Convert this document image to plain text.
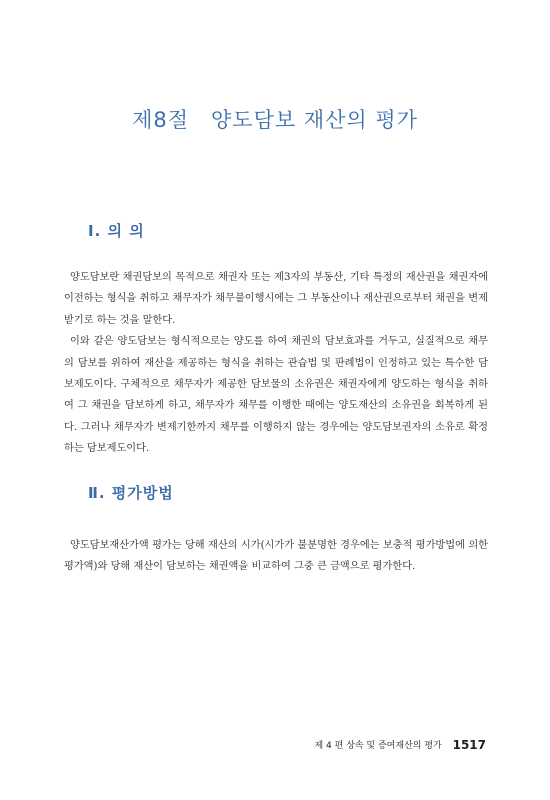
제8절 양도담보 재산의 평가
Ⅰ. 의 의
양도담보란 채권담보의 목적으로 채권자 또는 제3자의 부동산, 기타 특정의 재산권을 채권자에 이전하는 형식을 취하고 채무자가 채무불이행시에는 그 부동산이나 재산권으로부터 채권을 변제받기로 하는 것을 말한다.
이와 같은 양도담보는 형식적으로는 양도를 하여 채권의 담보효과를 거두고, 실질적으로 채무의 담보를 위하여 재산을 제공하는 형식을 취하는 관습법 및 판례법이 인정하고 있는 특수한 담보제도이다. 구체적으로 채무자가 제공한 담보물의 소유권은 채권자에게 양도하는 형식을 취하여 그 채권을 담보하게 하고, 채무자가 채무를 이행한 때에는 양도재산의 소유권을 회복하게 된다. 그러나 채무자가 변제기한까지 채무를 이행하지 않는 경우에는 양도담보권자의 소유로 확정하는 담보제도이다.
Ⅱ. 평가방법
양도담보재산가액 평가는 당해 재산의 시가(시가가 불분명한 경우에는 보충적 평가방법에 의한 평가액)와 당해 재산이 담보하는 채권액을 비교하여 그중 큰 금액으로 평가한다.
제 4 편 상속 및 증여재산의 평가 1517
